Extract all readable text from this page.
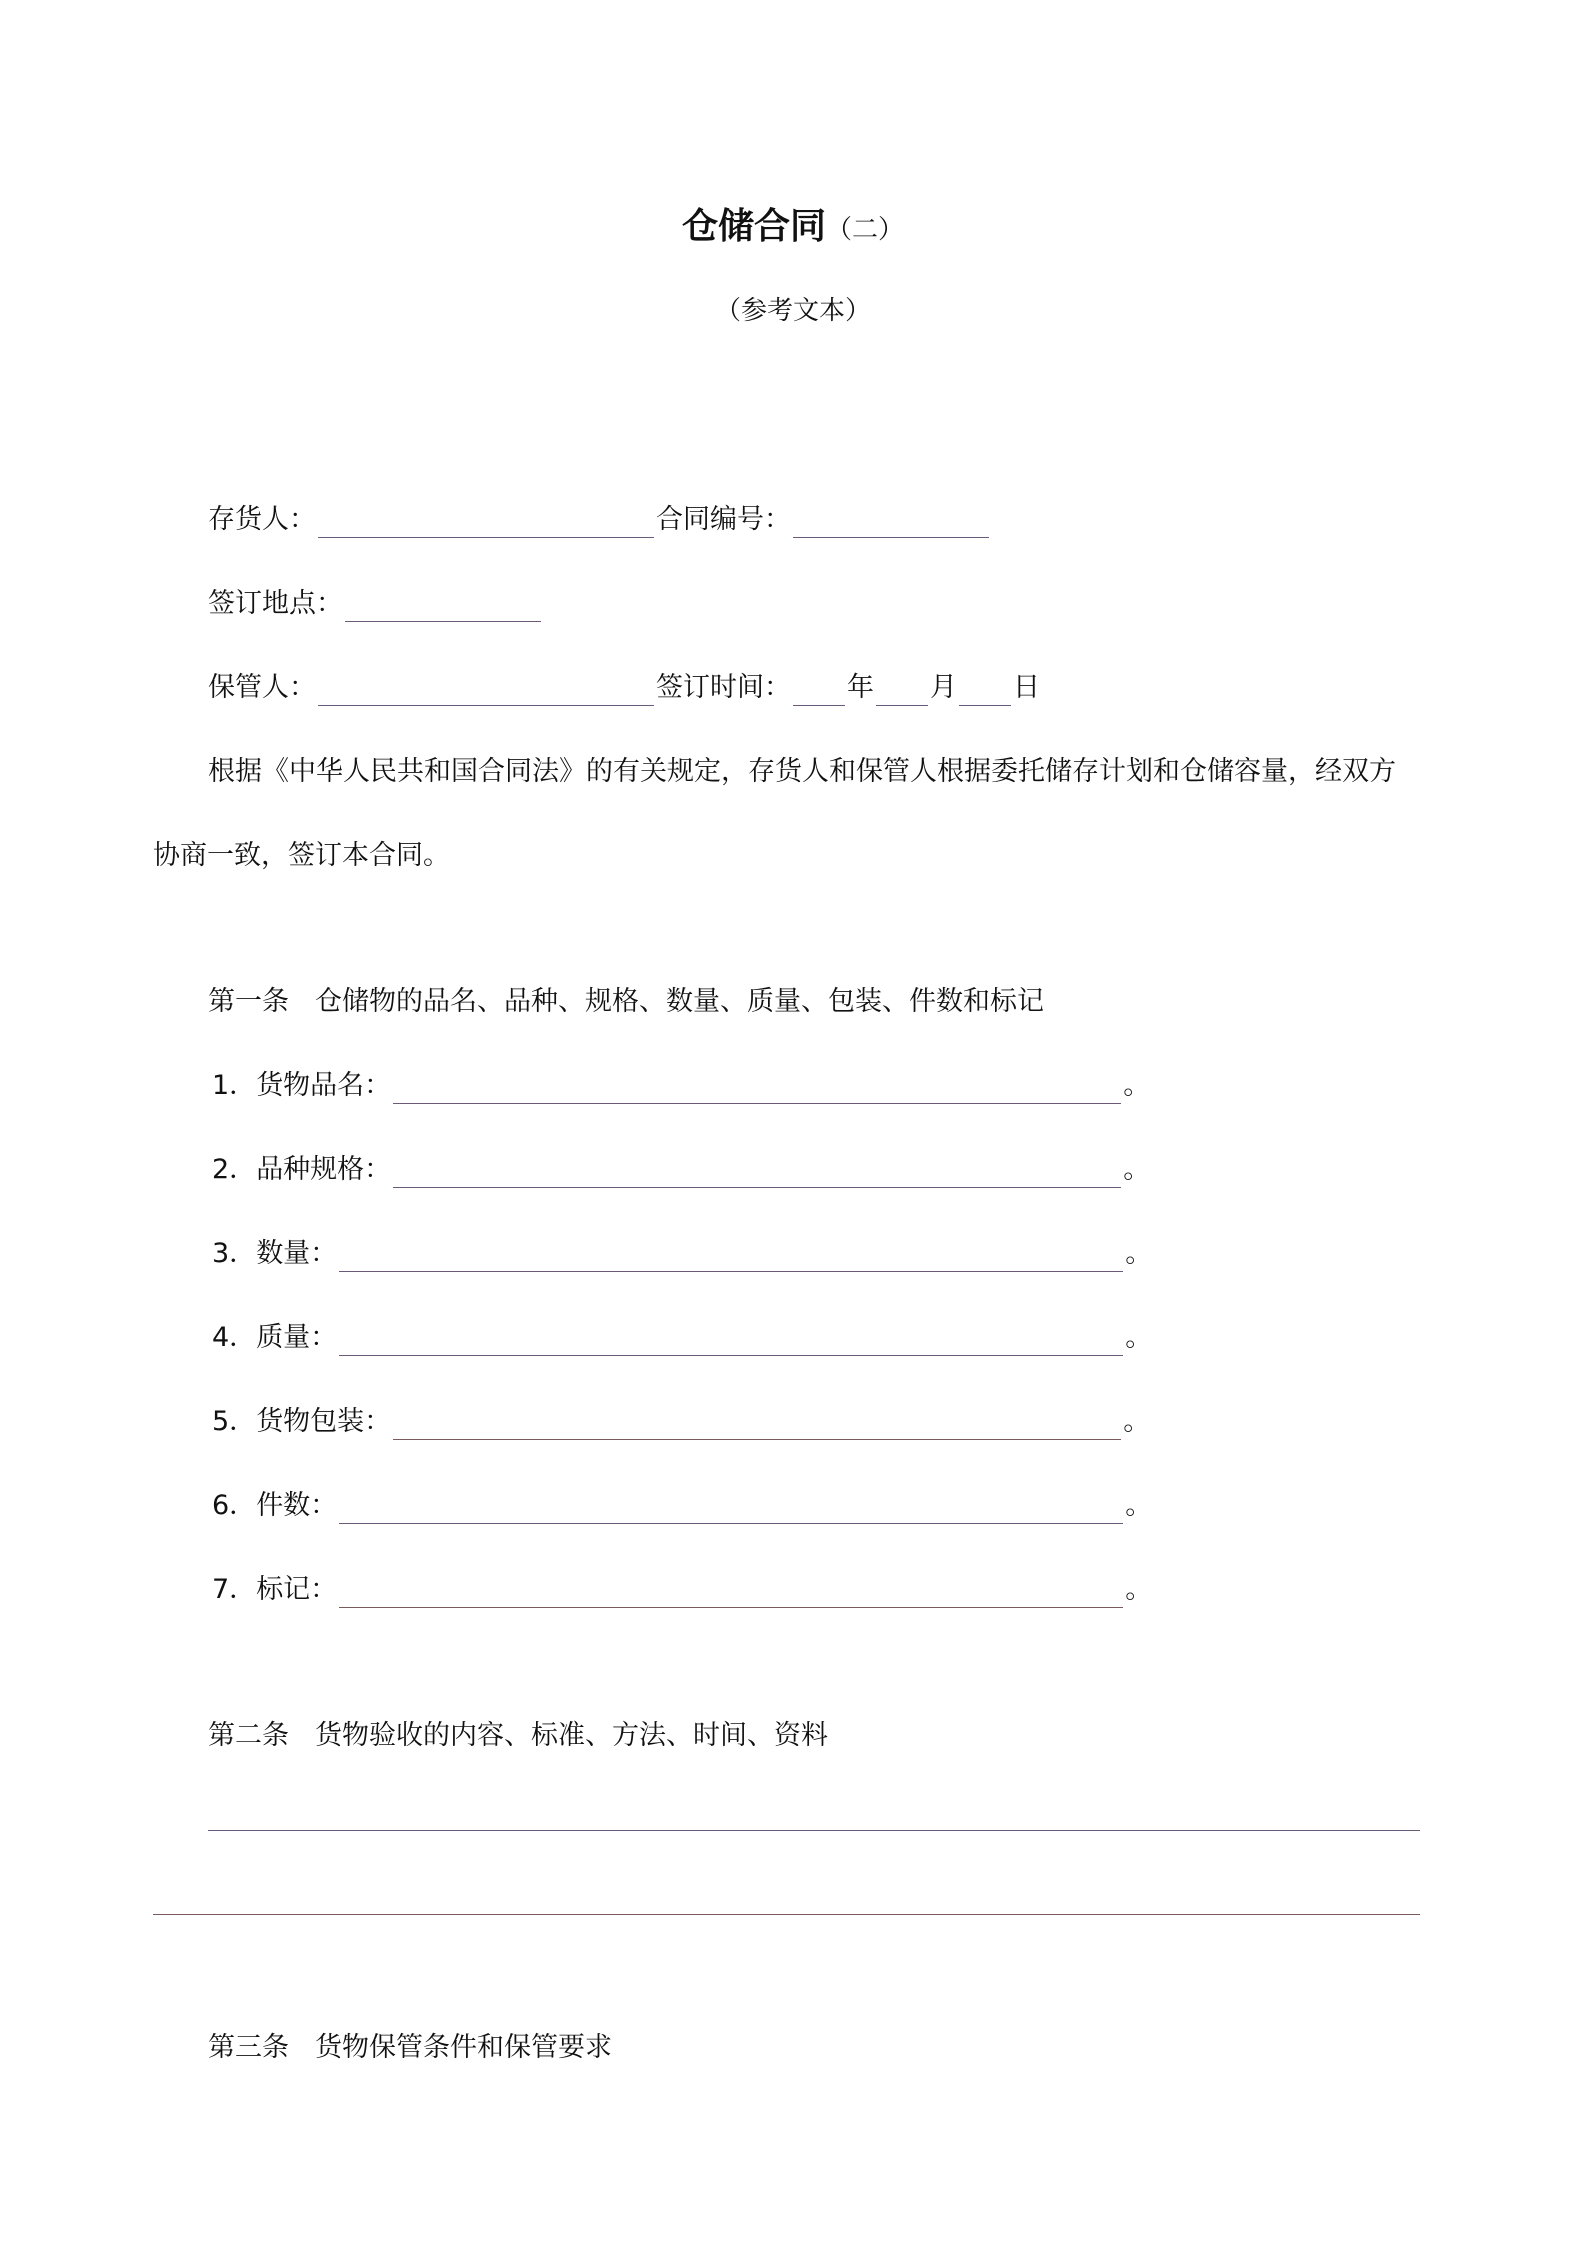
仓储合同（二）
（参考文本）
存货人：	合同编号：
签订地点：
保管人：	签订时间： 年 月 日
根据《中华人民共和国合同法》的有关规定，存货人和保管人根据委托储存计划和仓储容量，经双方
协商一致，签订本合同。
第一条 仓储物的品名、品种、规格、数量、质量、包装、件数和标记
1．货物品名：	。
2．品种规格：	。
3．数量：	。
4．质量：	。
5．货物包装：	。
6．件数：	。
7．标记：	。
第二条 货物验收的内容、标准、方法、时间、资料
第三条 货物保管条件和保管要求
